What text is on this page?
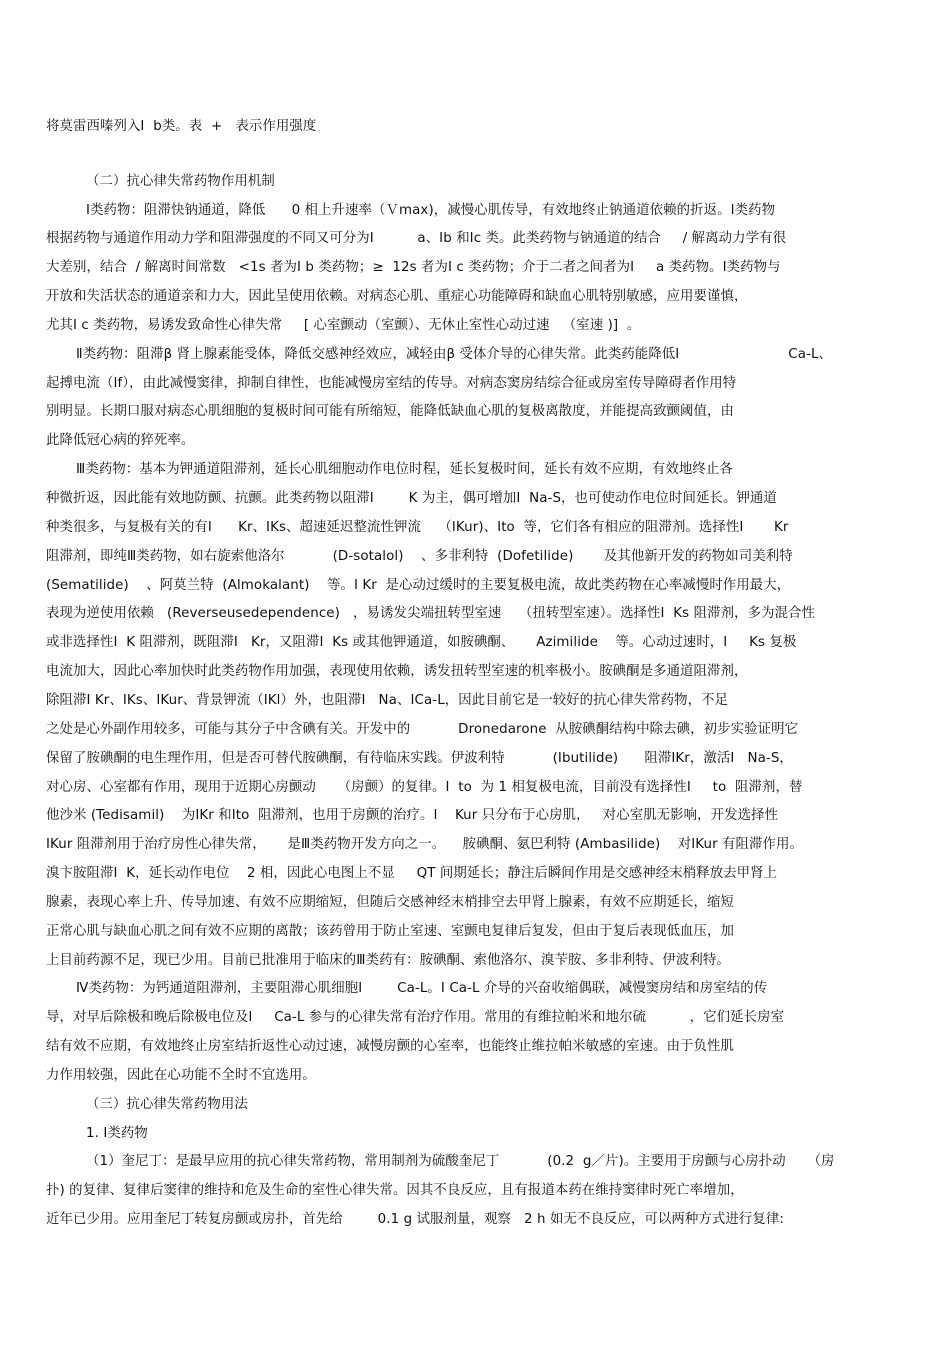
将莫雷西嗪列入Ⅰ  b类。表  +   表示作用强度
（二）抗心律失常药物作用机制
Ⅰ类药物：阻滞快钠通道，降低      0 相上升速率（Ｖmax)，减慢心肌传导，有效地终止钠通道依赖的折返。Ⅰ类药物
根据药物与通道作用动力学和阻滞强度的不同又可分为Ⅰ          a、Ⅰb 和Ⅰc 类。此类药物与钠通道的结合     / 解离动力学有很
大差别，结合  / 解离时间常数   <1s 者为Ⅰ b 类药物；≥  12s 者为Ⅰ c 类药物；介于二者之间者为Ⅰ     a 类药物。Ⅰ类药物与
开放和失活状态的通道亲和力大，因此呈使用依赖。对病态心肌、重症心功能障碍和缺血心肌特别敏感，应用要谨慎，
尤其Ⅰ c 类药物，易诱发致命性心律失常     [ 心室颤动（室颤）、无休止室性心动过速   （室速 )]  。
Ⅱ类药物：阻滞β 肾上腺素能受体，降低交感神经效应，减轻由β 受体介导的心律失常。此类药能降低Ⅰ                         Ca-L、
起搏电流（Ⅰf），由此减慢窦律，抑制自律性，也能减慢房室结的传导。对病态窦房结综合征或房室传导障碍者作用特
别明显。长期口服对病态心肌细胞的复极时间可能有所缩短，能降低缺血心肌的复极离散度，并能提高致颤阈值，由
此降低冠心病的猝死率。
Ⅲ类药物：基本为钾通道阻滞剂，延长心肌细胞动作电位时程，延长复极时间，延长有效不应期，有效地终止各
种微折返，因此能有效地防颤、抗颤。此类药物以阻滞Ⅰ        K 为主，偶可增加Ⅰ  Na-S，也可使动作电位时间延长。钾通道
种类很多，与复极有关的有Ⅰ      Kr、ⅠKs、超速延迟整流性钾流    （ⅠKur)、Ⅰto  等，它们各有相应的阻滞剂。选择性Ⅰ       Kr
阻滞剂，即纯Ⅲ类药物，如右旋索他洛尔           (D-sotalol)    、多非利特  (Dofetilide)       及其他新开发的药物如司美利特
(Sematilide)    、阿莫兰特  (Almokalant)    等。Ⅰ Kr  是心动过缓时的主要复极电流，故此类药物在心率减慢时作用最大，
表现为逆使用依赖   (Reverseusedependence)   ，易诱发尖端扭转型室速    （扭转型室速）。选择性Ⅰ  Ks 阻滞剂，多为混合性
或非选择性Ⅰ  K 阻滞剂，既阻滞Ⅰ   Kr，又阻滞Ⅰ  Ks 或其他钾通道，如胺碘酮、     Azimilide    等。心动过速时，Ⅰ     Ks 复极
电流加大，因此心率加快时此类药物作用加强，表现使用依赖，诱发扭转型室速的机率极小。胺碘酮是多通道阻滞剂，
除阻滞Ⅰ Kr、ⅠKs、ⅠKur、背景钾流（ⅠKl）外，也阻滞Ⅰ   Na、ⅠCa-L，因此目前它是一较好的抗心律失常药物，不足
之处是心外副作用较多，可能与其分子中含碘有关。开发中的           Dronedarone  从胺碘酮结构中除去碘，初步实验证明它
保留了胺碘酮的电生理作用，但是否可替代胺碘酮，有待临床实践。伊波利特           (Ibutilide)      阻滞ⅠKr，激活Ⅰ   Na-S，
对心房、心室都有作用，现用于近期心房颤动     （房颤）的复律。Ⅰ  to  为 1 相复极电流，目前没有选择性Ⅰ     to  阻滞剂，替
他沙米 (Tedisamil)    为ⅠKr 和Ⅰto  阻滞剂，也用于房颤的治疗。Ⅰ    Kur 只分布于心房肌，   对心室肌无影响，开发选择性
ⅠKur 阻滞剂用于治疗房性心律失常，     是Ⅲ类药物开发方向之一。    胺碘酮、氨巴利特 (Ambasilide)    对ⅠKur 有阻滞作用。
溴卞胺阻滞Ⅰ  K，延长动作电位    2 相，因此心电图上不显     QT 间期延长；静注后瞬间作用是交感神经末梢释放去甲肾上
腺素，表现心率上升、传导加速、有效不应期缩短，但随后交感神经末梢排空去甲肾上腺素，有效不应期延长，缩短
正常心肌与缺血心肌之间有效不应期的离散；该药曾用于防止室速、室颤电复律后复发，但由于复后表现低血压，加
上目前药源不足，现已少用。目前已批准用于临床的Ⅲ类药有：胺碘酮、索他洛尔、溴苄胺、多非利特、伊波利特。
Ⅳ类药物：为钙通道阻滞剂，主要阻滞心肌细胞Ⅰ        Ca-L。Ⅰ Ca-L 介导的兴奋收缩偶联，减慢窦房结和房室结的传
导，对早后除极和晚后除极电位及Ⅰ     Ca-L 参与的心律失常有治疗作用。常用的有维拉帕米和地尔硫          ，它们延长房室
结有效不应期，有效地终止房室结折返性心动过速，减慢房颤的心室率，也能终止维拉帕米敏感的室速。由于负性肌
力作用较强，因此在心功能不全时不宜选用。
（三）抗心律失常药物用法
1. Ⅰ类药物
（1）奎尼丁：是最早应用的抗心律失常药物，常用制剂为硫酸奎尼丁           (0.2  g／片)。主要用于房颤与心房扑动     （房
扑) 的复律、复律后窦律的维持和危及生命的室性心律失常。因其不良反应，且有报道本药在维持窦律时死亡率增加，
近年已少用。应用奎尼丁转复房颤或房扑，首先给        0.1 g 试服剂量，观察   2 h 如无不良反应，可以两种方式进行复律:
